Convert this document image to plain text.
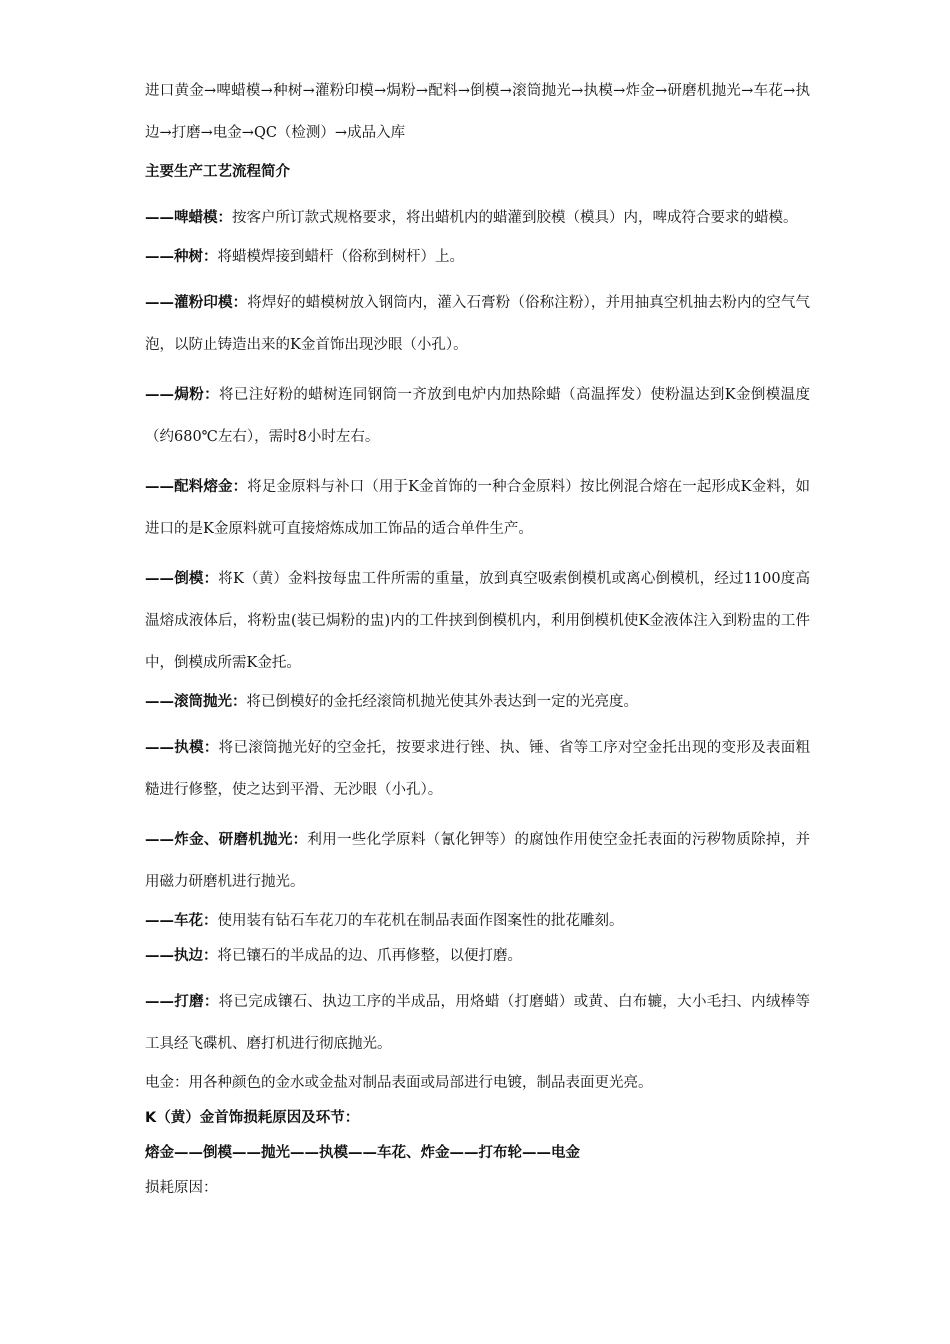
进口黄金→啤蜡模→种树→灌粉印模→焗粉→配料→倒模→滚筒抛光→执模→炸金→研磨机抛光→车花→执边→打磨→电金→QC（检测）→成品入库

主要生产工艺流程简介

——啤蜡模：按客户所订款式规格要求，将出蜡机内的蜡灌到胶模（模具）内，啤成符合要求的蜡模。

——种树：将蜡模焊接到蜡杆（俗称到树杆）上。

——灌粉印模：将焊好的蜡模树放入钢筒内，灌入石膏粉（俗称注粉），并用抽真空机抽去粉内的空气气泡，以防止铸造出来的K金首饰出现沙眼（小孔）。

——焗粉：将已注好粉的蜡树连同钢筒一齐放到电炉内加热除蜡（高温挥发）使粉温达到K金倒模温度（约680℃左右），需时8小时左右。

——配料熔金：将足金原料与补口（用于K金首饰的一种合金原料）按比例混合熔在一起形成K金料，如进口的是K金原料就可直接熔炼成加工饰品的适合单件生产。

——倒模：将K（黄）金料按每盅工件所需的重量，放到真空吸索倒模机或离心倒模机，经过1100度高温熔成液体后，将粉盅(装已焗粉的盅)内的工件挟到倒模机内，利用倒模机使K金液体注入到粉盅的工件中，倒模成所需K金托。

——滚筒抛光：将已倒模好的金托经滚筒机抛光使其外表达到一定的光亮度。

——执模：将已滚筒抛光好的空金托，按要求进行锉、执、锤、省等工序对空金托出现的变形及表面粗糙进行修整，使之达到平滑、无沙眼（小孔）。

——炸金、研磨机抛光：利用一些化学原料（氰化钾等）的腐蚀作用使空金托表面的污秽物质除掉，并用磁力研磨机进行抛光。

——车花：使用装有钻石车花刀的车花机在制品表面作图案性的批花雕刻。

——执边：将已镶石的半成品的边、爪再修整，以便打磨。

——打磨：将已完成镶石、执边工序的半成品，用烙蜡（打磨蜡）或黄、白布辘，大小毛扫、内绒棒等工具经飞碟机、磨打机进行彻底抛光。

电金：用各种颜色的金水或金盐对制品表面或局部进行电镀，制品表面更光亮。

K（黄）金首饰损耗原因及环节：

熔金——倒模——抛光——执模——车花、炸金——打布轮——电金

损耗原因：
